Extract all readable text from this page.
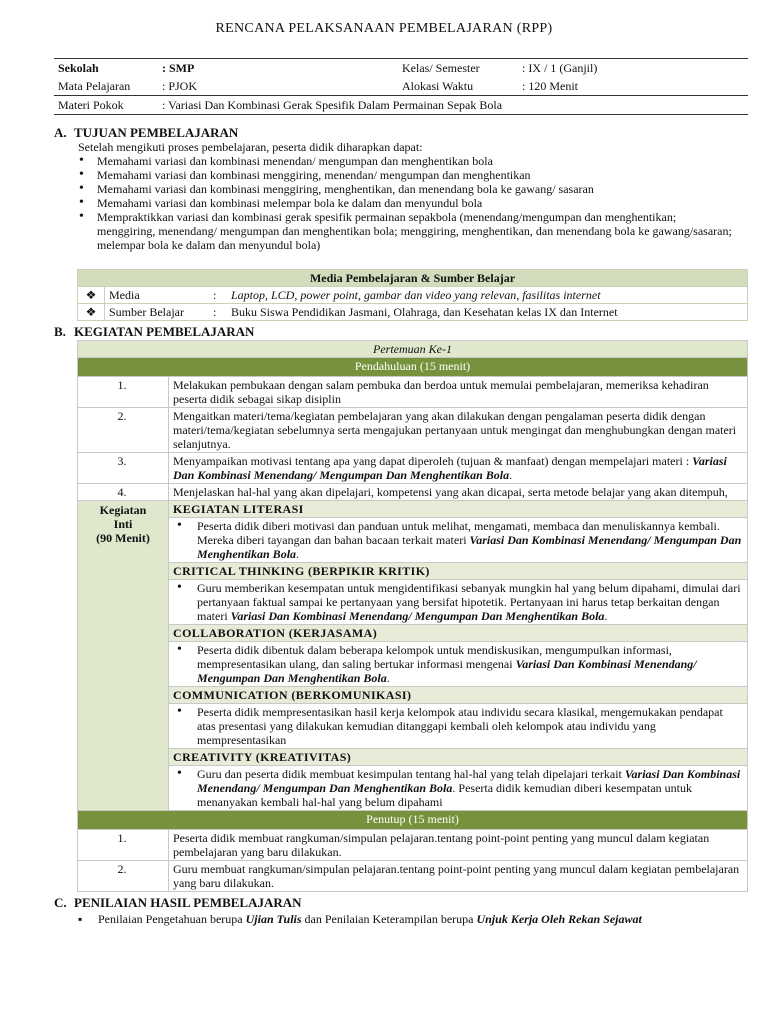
RENCANA PELAKSANAAN PEMBELAJARAN (RPP)
Sekolah	: SMP	Kelas/ Semester	: IX / 1 (Ganjil)
Mata Pelajaran	: PJOK	Alokasi Waktu	: 120 Menit
Materi Pokok	: Variasi Dan Kombinasi Gerak Spesifik Dalam Permainan Sepak Bola		
A. TUJUAN PEMBELAJARAN
Setelah mengikuti proses pembelajaran, peserta didik diharapkan dapat:
• Memahami variasi dan kombinasi menendan/ mengumpan dan menghentikan bola
• Memahami variasi dan kombinasi menggiring, menendan/ mengumpan dan menghentikan
• Memahami variasi dan kombinasi menggiring, menghentikan, dan menendang bola ke gawang/ sasaran
• Memahami variasi dan kombinasi melempar bola ke dalam dan menyundul bola
• Mempraktikkan variasi dan kombinasi gerak spesifik permainan sepakbola (menendang/mengumpan dan menghentikan; menggiring, menendang/ mengumpan dan menghentikan bola; menggiring, menghentikan, dan menendang bola ke gawang/sasaran; melempar bola ke dalam dan menyundul bola)
Media Pembelajaran & Sumber Belajar			
❖	Media	:	Laptop, LCD, power point, gambar dan video yang relevan, fasilitas internet
❖	Sumber Belajar	:	Buku Siswa Pendidikan Jasmani, Olahraga, dan Kesehatan kelas IX dan Internet
B. KEGIATAN PEMBELAJARAN
Pertemuan Ke-1	
Pendahuluan (15 menit)	
1.	Melakukan pembukaan dengan salam pembuka dan berdoa untuk memulai pembelajaran, memeriksa kehadiran peserta didik sebagai sikap disiplin
2.	Mengaitkan materi/tema/kegiatan pembelajaran yang akan dilakukan dengan pengalaman peserta didik dengan materi/tema/kegiatan sebelumnya serta mengajukan pertanyaan untuk mengingat dan menghubungkan dengan materi selanjutnya.
3.	Menyampaikan motivasi tentang apa yang dapat diperoleh (tujuan & manfaat) dengan mempelajari materi : Variasi Dan Kombinasi Menendang/ Mengumpan Dan Menghentikan Bola.
4.	Menjelaskan hal-hal yang akan dipelajari, kompetensi yang akan dicapai, serta metode belajar yang akan ditempuh,

Kegiatan
Inti
(90 Menit)	KEGIATAN LITERASI

	• Peserta didik diberi motivasi dan panduan untuk melihat, mengamati, membaca dan menuliskannya kembali. Mereka diberi tayangan dan bahan bacaan terkait materi Variasi Dan Kombinasi Menendang/ Mengumpan Dan Menghentikan Bola.

	CRITICAL THINKING (BERPIKIR KRITIK)

	• Guru memberikan kesempatan untuk mengidentifikasi sebanyak mungkin hal yang belum dipahami, dimulai dari pertanyaan faktual sampai ke pertanyaan yang bersifat hipotetik. Pertanyaan ini harus tetap berkaitan dengan materi Variasi Dan Kombinasi Menendang/ Mengumpan Dan Menghentikan Bola.

	COLLABORATION (KERJASAMA)

	• Peserta didik dibentuk dalam beberapa kelompok untuk mendiskusikan, mengumpulkan informasi, mempresentasikan ulang, dan saling bertukar informasi mengenai Variasi Dan Kombinasi Menendang/ Mengumpan Dan Menghentikan Bola.

	COMMUNICATION (BERKOMUNIKASI)

	• Peserta didik mempresentasikan hasil kerja kelompok atau individu secara klasikal, mengemukakan pendapat atas presentasi yang dilakukan kemudian ditanggapi kembali oleh kelompok atau individu yang mempresentasikan

	CREATIVITY (KREATIVITAS)

	• Guru dan peserta didik membuat kesimpulan tentang hal-hal yang telah dipelajari terkait Variasi Dan Kombinasi Menendang/ Mengumpan Dan Menghentikan Bola. Peserta didik kemudian diberi kesempatan untuk menanyakan kembali hal-hal yang belum dipahami

Penutup (15 menit)	
1.	Peserta didik membuat rangkuman/simpulan pelajaran.tentang point-point penting yang muncul dalam kegiatan pembelajaran yang baru dilakukan.
2.	Guru membuat rangkuman/simpulan pelajaran.tentang point-point penting yang muncul dalam kegiatan pembelajaran yang baru dilakukan.
C. PENILAIAN HASIL PEMBELAJARAN
▪ Penilaian Pengetahuan berupa Ujian Tulis dan Penilaian Keterampilan berupa Unjuk Kerja Oleh Rekan Sejawat
